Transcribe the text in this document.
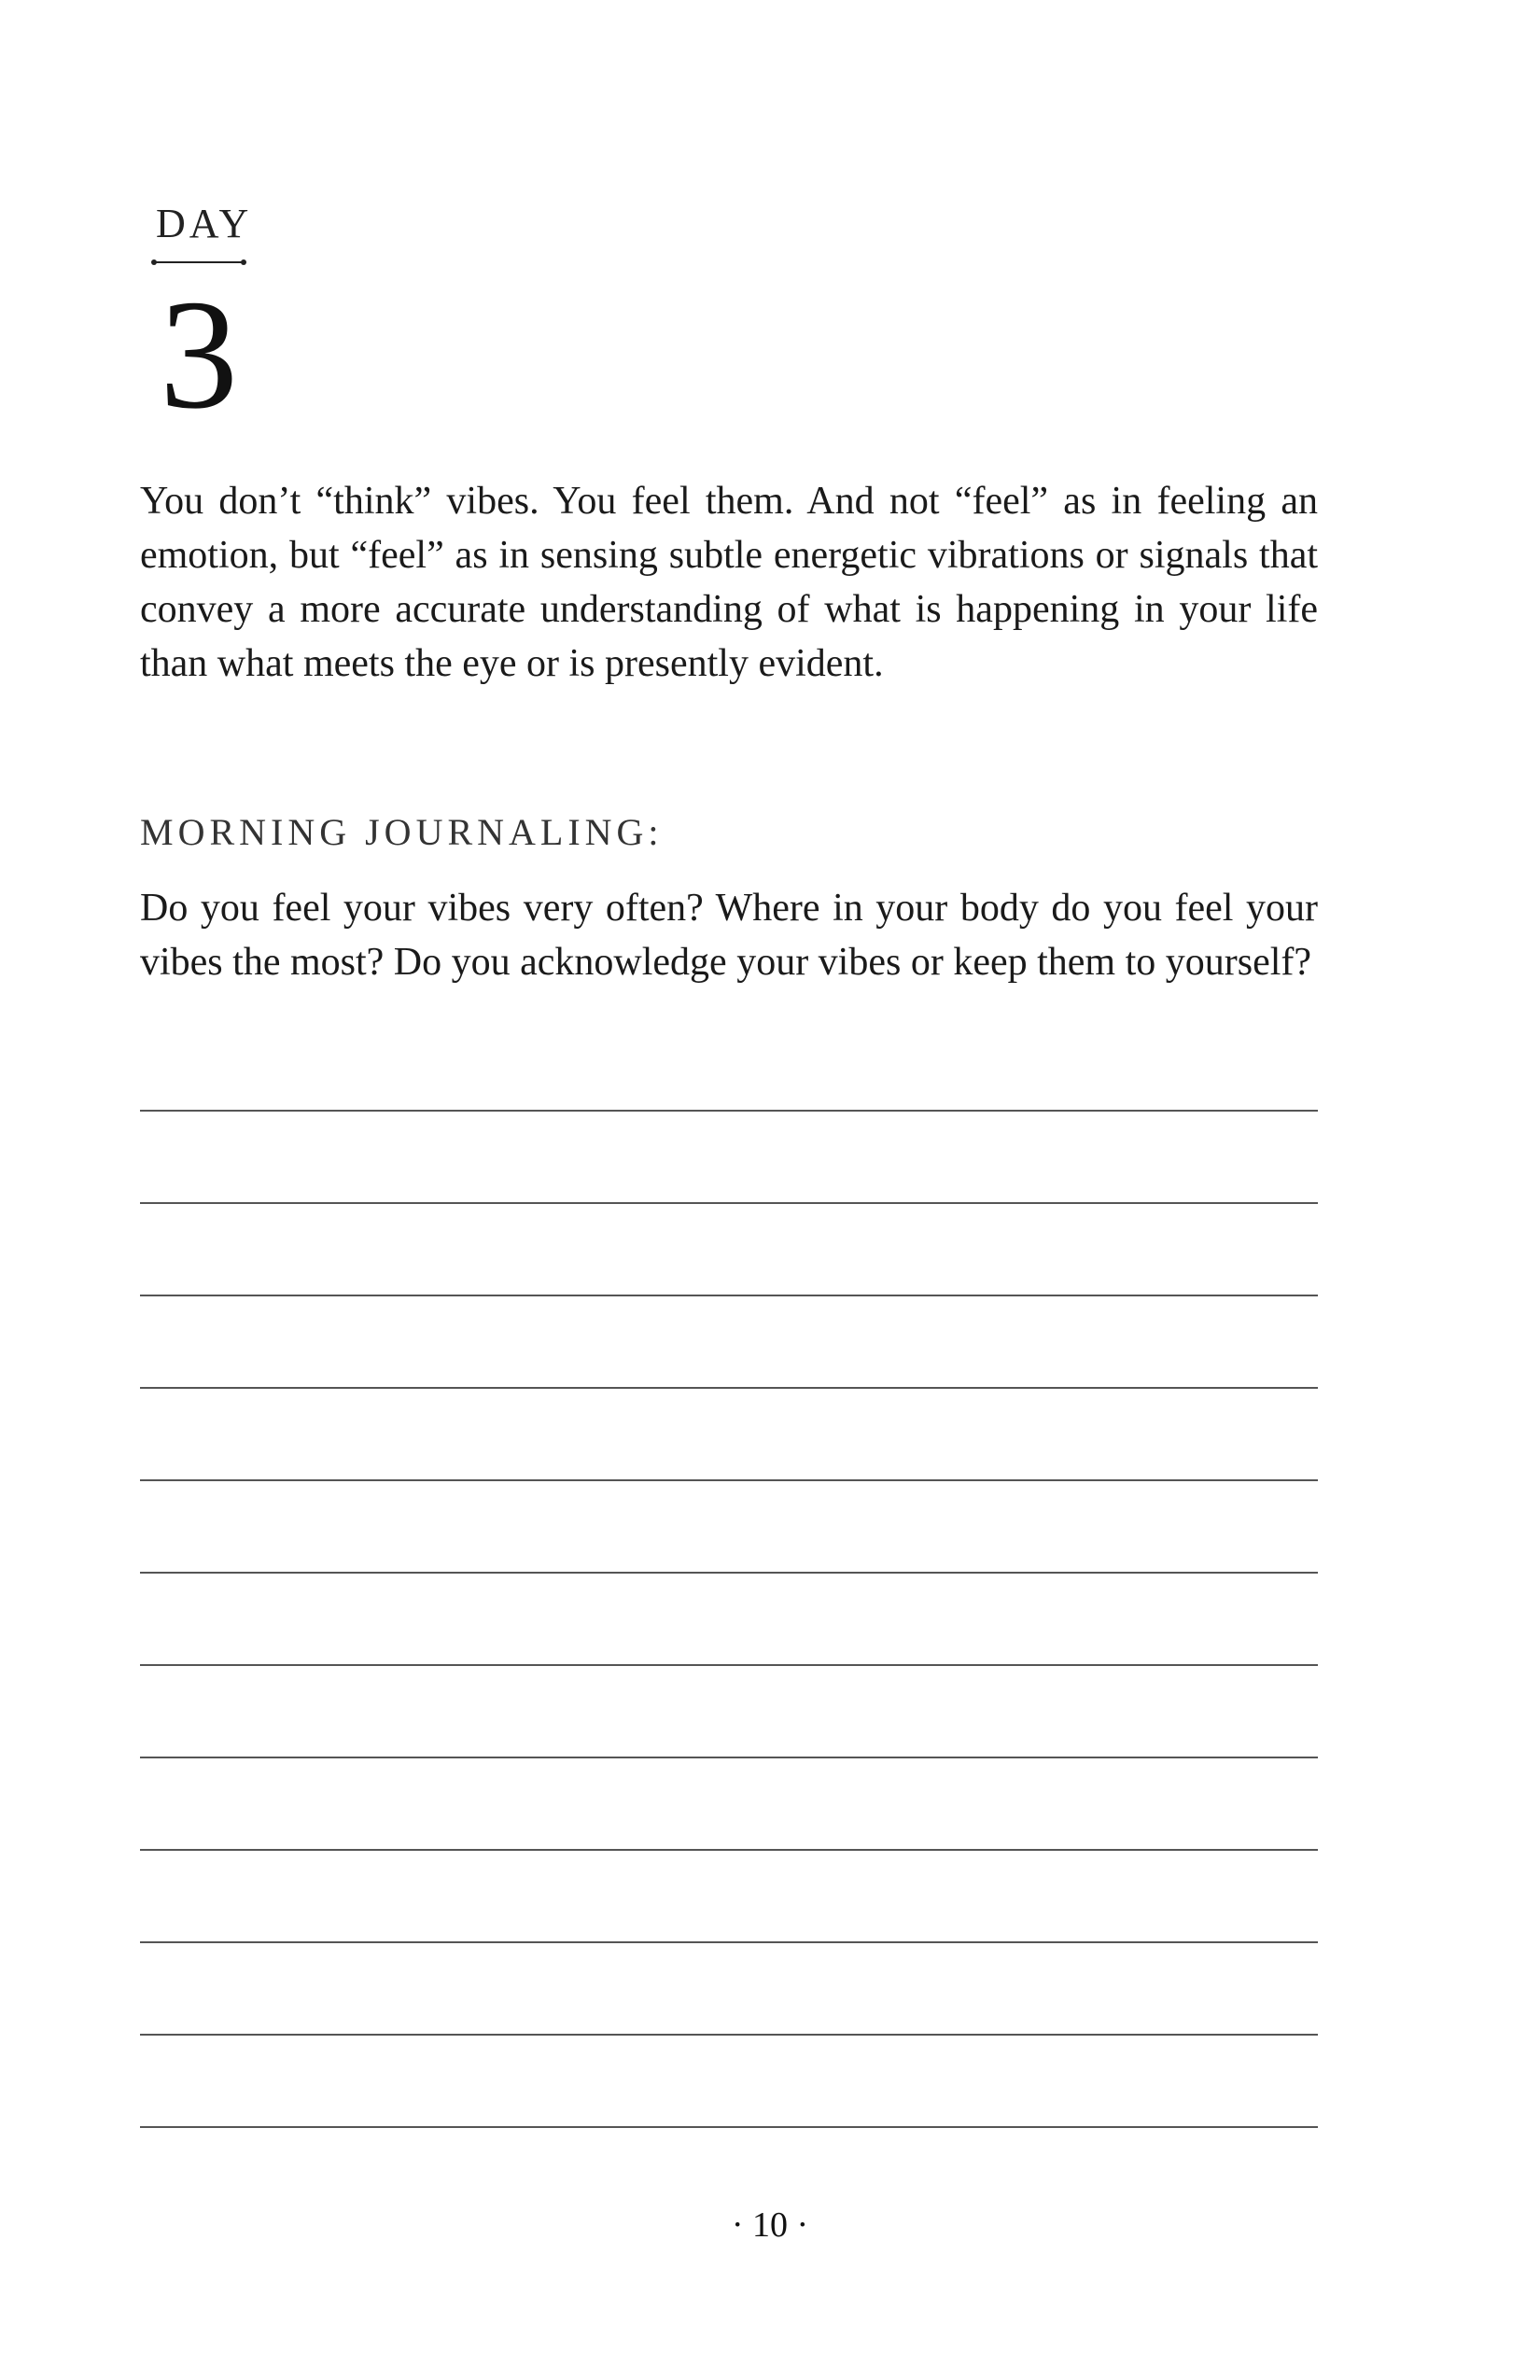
DAY
3

You don’t “think” vibes. You feel them. And not “feel” as in feeling an emotion, but “feel” as in sensing subtle energetic vibrations or signals that convey a more accurate understanding of what is happening in your life than what meets the eye or is presently evident.

MORNING JOURNALING:

Do you feel your vibes very often? Where in your body do you feel your vibes the most? Do you acknowledge your vibes or keep them to yourself?

· 10 ·
